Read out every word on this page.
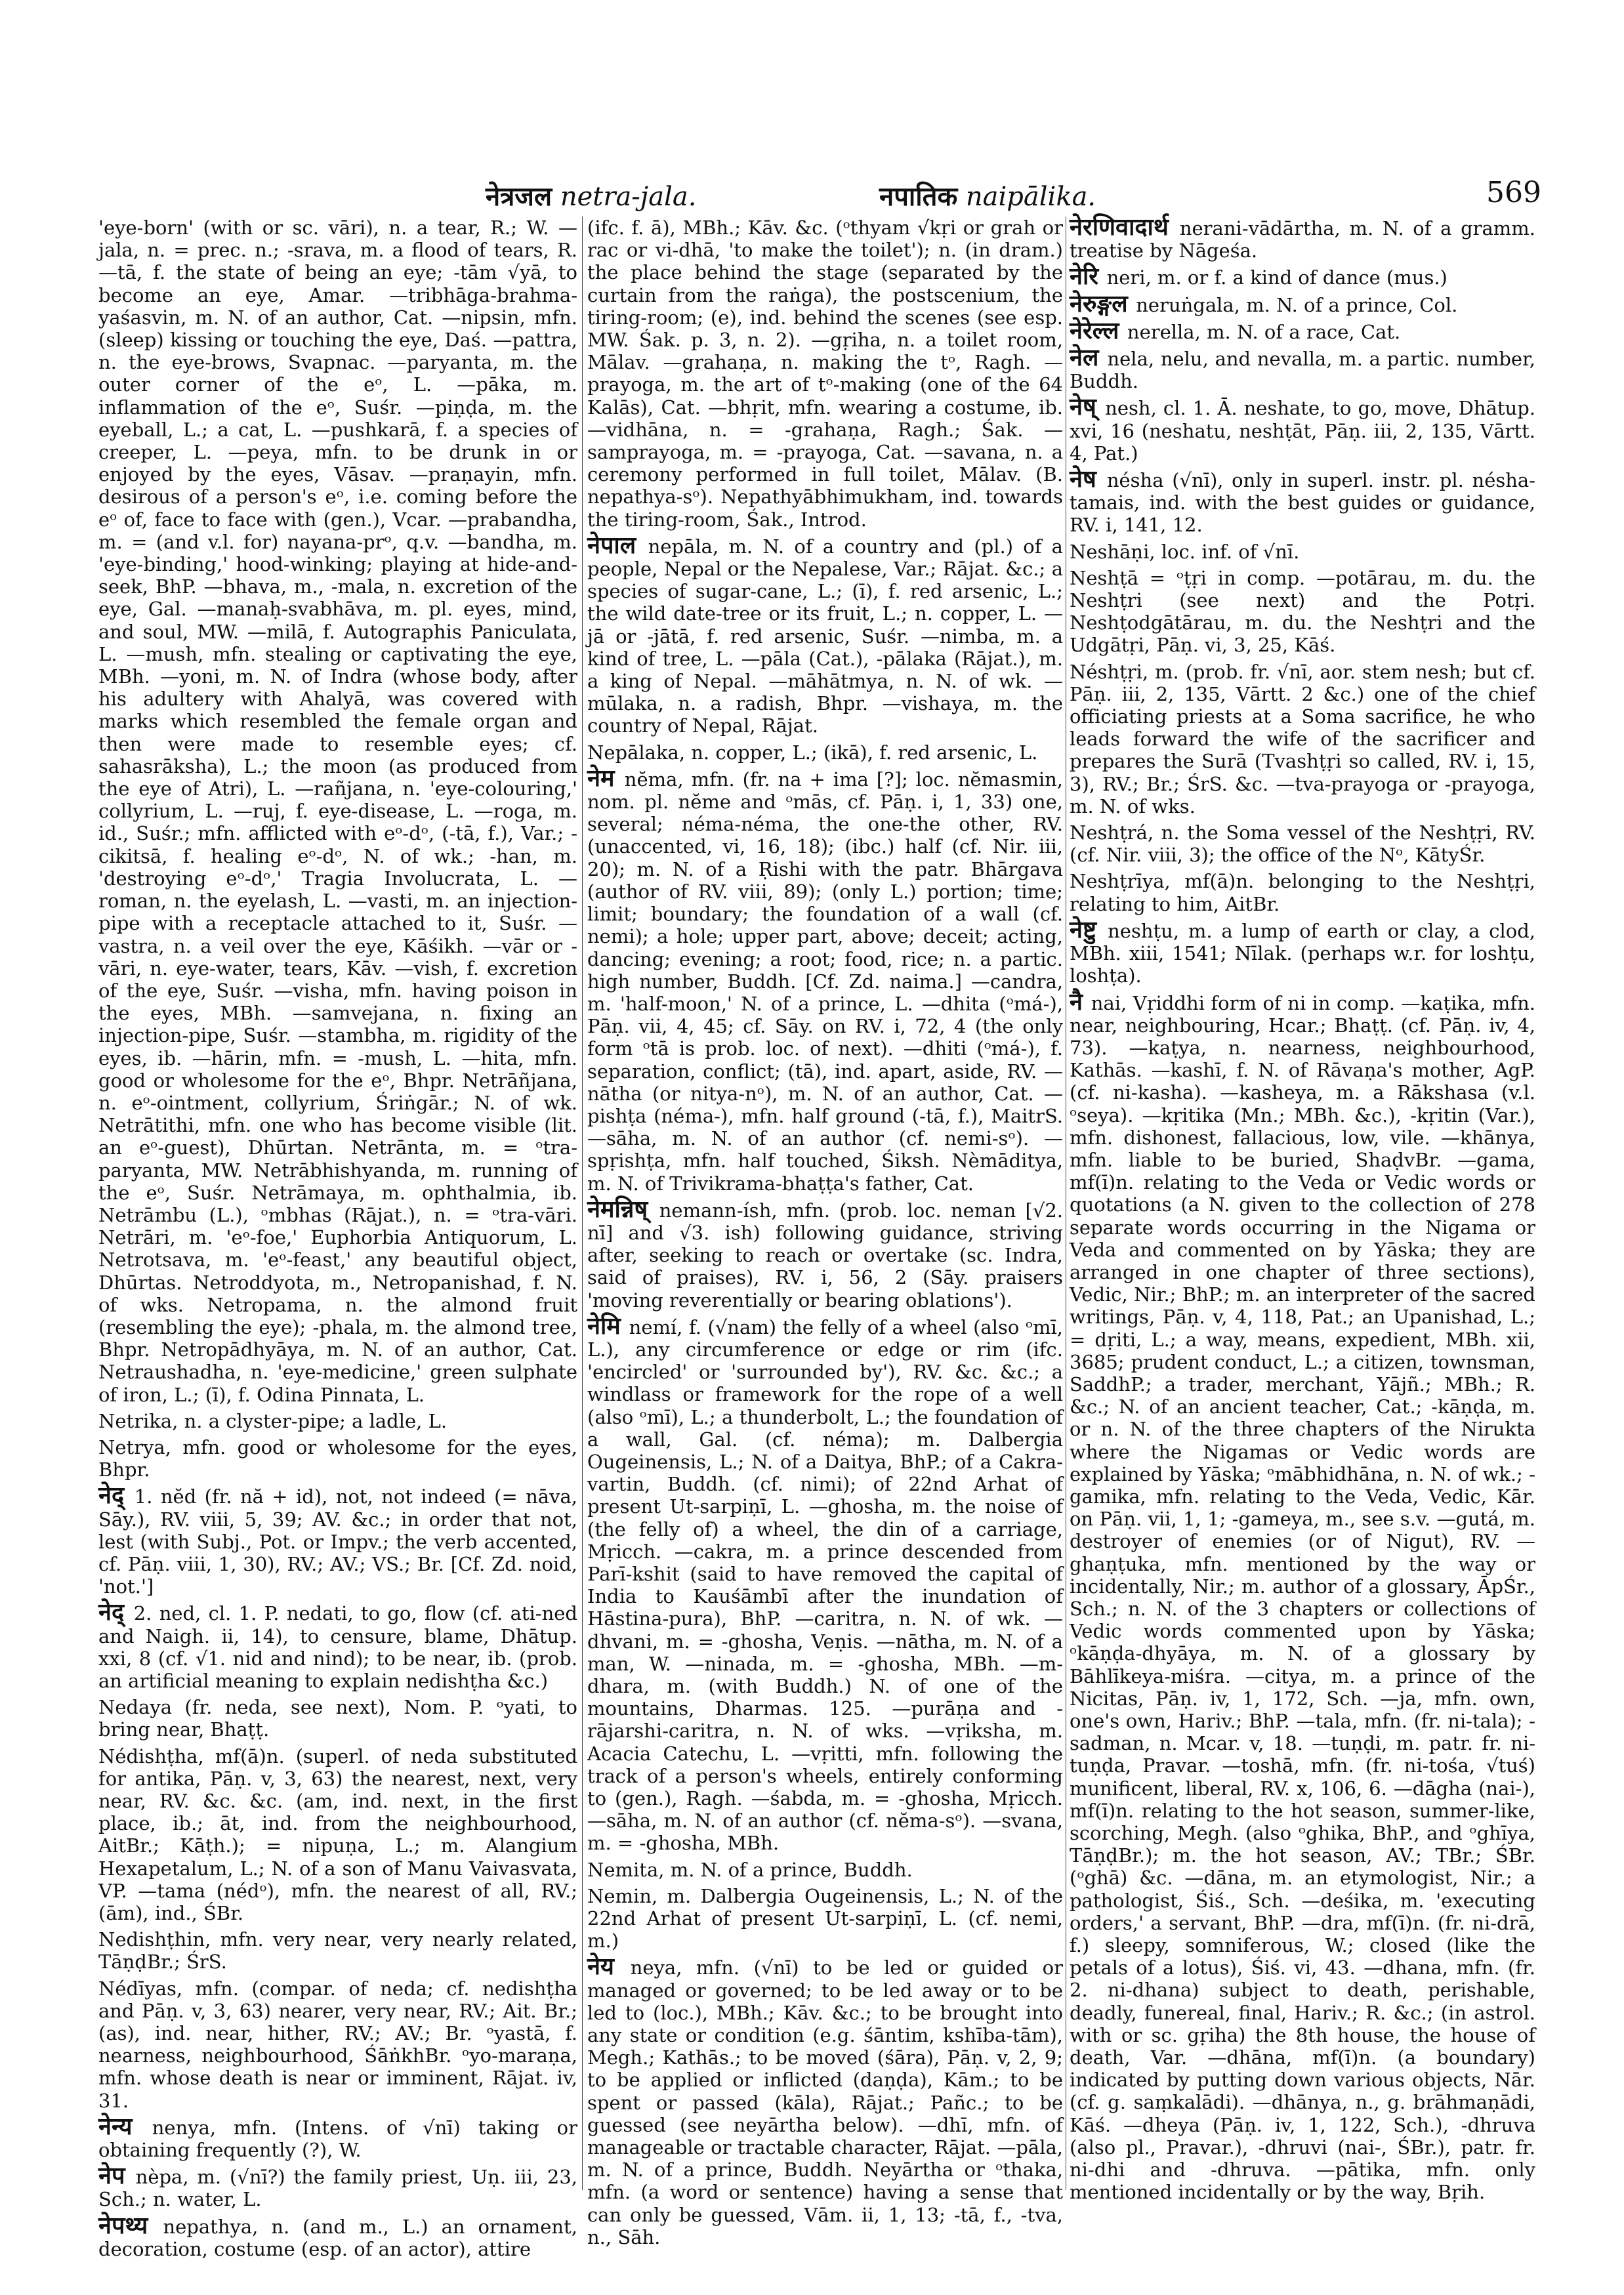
नेत्रजल netra-jala.	नपातिक naipālika.	569

'eye-born' (with or sc. vāri), n. a tear, R.; W. —jala, n. = prec. n.; -srava, m. a flood of tears, R. —tā, f. the state of being an eye; -tām √yā, to become an eye, Amar. —tribhāga-brahma-yaśasvin, m. N. of an author, Cat. —nipsin, mfn. (sleep) kissing or touching the eye, Daś. —pattra, n. the eye-brows, Svapnac. —paryanta, m. the outer corner of the eᵒ, L. —pāka, m. inflammation of the eᵒ, Suśr. —piṇḍa, m. the eyeball, L.; a cat, L. —pushkarā, f. a species of creeper, L. —peya, mfn. to be drunk in or enjoyed by the eyes, Vāsav. —praṇayin, mfn. desirous of a person's eᵒ, i.e. coming before the eᵒ of, face to face with (gen.), Vcar. —prabandha, m. = (and v.l. for) nayana-prᵒ, q.v. —bandha, m. 'eye-binding,' hood-winking; playing at hide-and-seek, BhP. —bhava, m., -mala, n. excretion of the eye, Gal. —manaḥ-svabhāva, m. pl. eyes, mind, and soul, MW. —milā, f. Autographis Paniculata, L. —mush, mfn. stealing or captivating the eye, MBh. —yoni, m. N. of Indra (whose body, after his adultery with Ahalyā, was covered with marks which resembled the female organ and then were made to resemble eyes; cf. sahasrāksha), L.; the moon (as produced from the eye of Atri), L. —rañjana, n. 'eye-colouring,' collyrium, L. —ruj, f. eye-disease, L. —roga, m. id., Suśr.; mfn. afflicted with eᵒ-dᵒ, (-tā, f.), Var.; -cikitsā, f. healing eᵒ-dᵒ, N. of wk.; -han, m. 'destroying eᵒ-dᵒ,' Tragia Involucrata, L. —roman, n. the eyelash, L. —vasti, m. an injection-pipe with a receptacle attached to it, Suśr. —vastra, n. a veil over the eye, Kāśikh. —vār or -vāri, n. eye-water, tears, Kāv. —vish, f. excretion of the eye, Suśr. —visha, mfn. having poison in the eyes, MBh. —samvejana, n. fixing an injection-pipe, Suśr. —stambha, m. rigidity of the eyes, ib. —hārin, mfn. = -mush, L. —hita, mfn. good or wholesome for the eᵒ, Bhpr. Netrāñjana, n. eᵒ-ointment, collyrium, Śriṅgār.; N. of wk. Netrātithi, mfn. one who has become visible (lit. an eᵒ-guest), Dhūrtan. Netrānta, m. = ᵒtra-paryanta, MW. Netrābhishyanda, m. running of the eᵒ, Suśr. Netrāmaya, m. ophthalmia, ib. Netrāmbu (L.), ᵒmbhas (Rājat.), n. = ᵒtra-vāri. Netrāri, m. 'eᵒ-foe,' Euphorbia Antiquorum, L. Netrotsava, m. 'eᵒ-feast,' any beautiful object, Dhūrtas. Netroddyota, m., Netropanishad, f. N. of wks. Netropama, n. the almond fruit (resembling the eye); -phala, m. the almond tree, Bhpr. Netropādhyāya, m. N. of an author, Cat. Netraushadha, n. 'eye-medicine,' green sulphate of iron, L.; (ī), f. Odina Pinnata, L.

Netrika, n. a clyster-pipe; a ladle, L.

Netrya, mfn. good or wholesome for the eyes, Bhpr.

नेद् 1. nĕd (fr. nă + id), not, not indeed (= nāva, Sāy.), RV. viii, 5, 39; AV. &c.; in order that not, lest (with Subj., Pot. or Impv.; the verb accented, cf. Pāṇ. viii, 1, 30), RV.; AV.; VS.; Br. [Cf. Zd. noid, 'not.']

नेद् 2. ned, cl. 1. P. nedati, to go, flow (cf. ati-ned and Naigh. ii, 14), to censure, blame, Dhātup. xxi, 8 (cf. √1. nid and nind); to be near, ib. (prob. an artificial meaning to explain nedishṭha &c.)

Nedaya (fr. neda, see next), Nom. P. ᵒyati, to bring near, Bhaṭṭ.

Nédishṭha, mf(ā)n. (superl. of neda substituted for antika, Pāṇ. v, 3, 63) the nearest, next, very near, RV. &c. &c. (am, ind. next, in the first place, ib.; āt, ind. from the neighbourhood, AitBr.; Kāṭh.); = nipuṇa, L.; m. Alangium Hexapetalum, L.; N. of a son of Manu Vaivasvata, VP. —tama (nédᵒ), mfn. the nearest of all, RV.; (ām), ind., ŚBr.

Nedishṭhin, mfn. very near, very nearly related, TāṇḍBr.; ŚrS.

Nédīyas, mfn. (compar. of neda; cf. nedishṭha and Pāṇ. v, 3, 63) nearer, very near, RV.; Ait. Br.; (as), ind. near, hither, RV.; AV.; Br. ᵒyastā, f. nearness, neighbourhood, ŚāṅkhBr. ᵒyo-maraṇa, mfn. whose death is near or imminent, Rājat. iv, 31.

नेन्य nenya, mfn. (Intens. of √nī) taking or obtaining frequently (?), W.

नेप nèpa, m. (√nī?) the family priest, Uṇ. iii, 23, Sch.; n. water, L.

नेपथ्य nepathya, n. (and m., L.) an ornament, decoration, costume (esp. of an actor), attire

(ifc. f. ā), MBh.; Kāv. &c. (ᵒthyam √kṛi or grah or rac or vi-dhā, 'to make the toilet'); n. (in dram.) the place behind the stage (separated by the curtain from the raṅga), the postscenium, the tiring-room; (e), ind. behind the scenes (see esp. MW. Śak. p. 3, n. 2). —gṛiha, n. a toilet room, Mālav. —grahaṇa, n. making the tᵒ, Ragh. —prayoga, m. the art of tᵒ-making (one of the 64 Kalās), Cat. —bhṛit, mfn. wearing a costume, ib. —vidhāna, n. = -grahaṇa, Ragh.; Śak. —samprayoga, m. = -prayoga, Cat. —savana, n. a ceremony performed in full toilet, Mālav. (B. nepathya-sᵒ). Nepathyābhimukham, ind. towards the tiring-room, Śak., Introd.

नेपाल nepāla, m. N. of a country and (pl.) of a people, Nepal or the Nepalese, Var.; Rājat. &c.; a species of sugar-cane, L.; (ī), f. red arsenic, L.; the wild date-tree or its fruit, L.; n. copper, L. —jā or -jātā, f. red arsenic, Suśr. —nimba, m. a kind of tree, L. —pāla (Cat.), -pālaka (Rājat.), m. a king of Nepal. —māhātmya, n. N. of wk. —mūlaka, n. a radish, Bhpr. —vishaya, m. the country of Nepal, Rājat.

Nepālaka, n. copper, L.; (ikā), f. red arsenic, L.

नेम nĕma, mfn. (fr. na + ima [?]; loc. nĕmasmin, nom. pl. nĕme and ᵒmās, cf. Pāṇ. i, 1, 33) one, several; néma-néma, the one-the other, RV. (unaccented, vi, 16, 18); (ibc.) half (cf. Nir. iii, 20); m. N. of a Ṛishi with the patr. Bhārgava (author of RV. viii, 89); (only L.) portion; time; limit; boundary; the foundation of a wall (cf. nemi); a hole; upper part, above; deceit; acting, dancing; evening; a root; food, rice; n. a partic. high number, Buddh. [Cf. Zd. naima.] —candra, m. 'half-moon,' N. of a prince, L. —dhita (ᵒmá-), Pāṇ. vii, 4, 45; cf. Sāy. on RV. i, 72, 4 (the only form ᵒtā is prob. loc. of next). —dhiti (ᵒmá-), f. separation, conflict; (tā), ind. apart, aside, RV. —nātha (or nitya-nᵒ), m. N. of an author, Cat. —pishṭa (néma-), mfn. half ground (-tā, f.), MaitrS. —sāha, m. N. of an author (cf. nemi-sᵒ). —spṛishṭa, mfn. half touched, Śiksh. Nèmāditya, m. N. of Trivikrama-bhaṭṭa's father, Cat.

नेमन्निष् nemann-ísh, mfn. (prob. loc. neman [√2. nī] and √3. ish) following guidance, striving after, seeking to reach or overtake (sc. Indra, said of praises), RV. i, 56, 2 (Sāy. praisers 'moving reverentially or bearing oblations').

नेमि nemí, f. (√nam) the felly of a wheel (also ᵒmī, L.), any circumference or edge or rim (ifc. 'encircled' or 'surrounded by'), RV. &c. &c.; a windlass or framework for the rope of a well (also ᵒmī), L.; a thunderbolt, L.; the foundation of a wall, Gal. (cf. néma); m. Dalbergia Ougeinensis, L.; N. of a Daitya, BhP.; of a Cakra-vartin, Buddh. (cf. nimi); of 22nd Arhat of present Ut-sarpiṇī, L. —ghosha, m. the noise of (the felly of) a wheel, the din of a carriage, Mṛicch. —cakra, m. a prince descended from Parī-kshit (said to have removed the capital of India to Kauśāmbī after the inundation of Hāstina-pura), BhP. —caritra, n. N. of wk. —dhvani, m. = -ghosha, Veṇis. —nātha, m. N. of a man, W. —ninada, m. = -ghosha, MBh. —m-dhara, m. (with Buddh.) N. of one of the mountains, Dharmas. 125. —purāṇa and -rājarshi-caritra, n. N. of wks. —vṛiksha, m. Acacia Catechu, L. —vṛitti, mfn. following the track of a person's wheels, entirely conforming to (gen.), Ragh. —śabda, m. = -ghosha, Mṛicch. —sāha, m. N. of an author (cf. nĕma-sᵒ). —svana, m. = -ghosha, MBh.

Nemita, m. N. of a prince, Buddh.

Nemin, m. Dalbergia Ougeinensis, L.; N. of the 22nd Arhat of present Ut-sarpiṇī, L. (cf. nemi, m.)

नेय neya, mfn. (√nī) to be led or guided or managed or governed; to be led away or to be led to (loc.), MBh.; Kāv. &c.; to be brought into any state or condition (e.g. śāntim, kshība-tām), Megh.; Kathās.; to be moved (śāra), Pāṇ. v, 2, 9; to be applied or inflicted (daṇḍa), Kām.; to be spent or passed (kāla), Rājat.; Pañc.; to be guessed (see neyārtha below). —dhī, mfn. of manageable or tractable character, Rājat. —pāla, m. N. of a prince, Buddh. Neyārtha or ᵒthaka, mfn. (a word or sentence) having a sense that can only be guessed, Vām. ii, 1, 13; -tā, f., -tva, n., Sāh.

नेरणिवादार्थ nerani-vādārtha, m. N. of a gramm. treatise by Nāgeśa.

नेरि neri, m. or f. a kind of dance (mus.)

नेरुङ्गल neruṅgala, m. N. of a prince, Col.

नेरेल्ल nerella, m. N. of a race, Cat.

नेल nela, nelu, and nevalla, m. a partic. number, Buddh.

नेष् nesh, cl. 1. Ā. neshate, to go, move, Dhātup. xvi, 16 (neshatu, neshṭāt, Pāṇ. iii, 2, 135, Vārtt. 4, Pat.)

नेष nésha (√nī), only in superl. instr. pl. nésha-tamais, ind. with the best guides or guidance, RV. i, 141, 12.

Neshāṇi, loc. inf. of √nī.

Neshṭā = ᵒṭṛi in comp. —potārau, m. du. the Neshṭri (see next) and the Potṛi. Neshṭodgātārau, m. du. the Neshṭri and the Udgātṛi, Pāṇ. vi, 3, 25, Kāś.

Néshṭṛi, m. (prob. fr. √nī, aor. stem nesh; but cf. Pāṇ. iii, 2, 135, Vārtt. 2 &c.) one of the chief officiating priests at a Soma sacrifice, he who leads forward the wife of the sacrificer and prepares the Surā (Tvashṭṛi so called, RV. i, 15, 3), RV.; Br.; ŚrS. &c. —tva-prayoga or -prayoga, m. N. of wks.

Neshṭrá, n. the Soma vessel of the Neshṭṛi, RV. (cf. Nir. viii, 3); the office of the Nᵒ, KātyŚr.

Neshṭrīya, mf(ā)n. belonging to the Neshṭṛi, relating to him, AitBr.

नेष्टु neshṭu, m. a lump of earth or clay, a clod, MBh. xiii, 1541; Nīlak. (perhaps w.r. for loshṭu, loshṭa).

नै nai, Vṛiddhi form of ni in comp. —kaṭika, mfn. near, neighbouring, Hcar.; Bhaṭṭ. (cf. Pāṇ. iv, 4, 73). —kaṭya, n. nearness, neighbourhood, Kathās. —kashī, f. N. of Rāvaṇa's mother, AgP. (cf. ni-kasha). —kasheya, m. a Rākshasa (v.l. ᵒseya). —kṛitika (Mn.; MBh. &c.), -kṛitin (Var.), mfn. dishonest, fallacious, low, vile. —khānya, mfn. liable to be buried, ShaḍvBr. —gama, mf(ī)n. relating to the Veda or Vedic words or quotations (a N. given to the collection of 278 separate words occurring in the Nigama or Veda and commented on by Yāska; they are arranged in one chapter of three sections), Vedic, Nir.; BhP.; m. an interpreter of the sacred writings, Pāṇ. v, 4, 118, Pat.; an Upanishad, L.; = dṛiti, L.; a way, means, expedient, MBh. xii, 3685; prudent conduct, L.; a citizen, townsman, SaddhP.; a trader, merchant, Yājñ.; MBh.; R. &c.; N. of an ancient teacher, Cat.; -kāṇḍa, m. or n. N. of the three chapters of the Nirukta where the Nigamas or Vedic words are explained by Yāska; ᵒmābhidhāna, n. N. of wk.; -gamika, mfn. relating to the Veda, Vedic, Kār. on Pāṇ. vii, 1, 1; -gameya, m., see s.v. —gutá, m. destroyer of enemies (or of Nigut), RV. —ghaṇṭuka, mfn. mentioned by the way or incidentally, Nir.; m. author of a glossary, ĀpŚr., Sch.; n. N. of the 3 chapters or collections of Vedic words commented upon by Yāska; ᵒkāṇḍa-dhyāya, m. N. of a glossary by Bāhlīkeya-miśra. —citya, m. a prince of the Nicitas, Pāṇ. iv, 1, 172, Sch. —ja, mfn. own, one's own, Hariv.; BhP. —tala, mfn. (fr. ni-tala); -sadman, n. Mcar. v, 18. —tuṇḍi, m. patr. fr. ni-tuṇḍa, Pravar. —toshā, mfn. (fr. ni-tośa, √tuś) munificent, liberal, RV. x, 106, 6. —dāgha (nai-), mf(ī)n. relating to the hot season, summer-like, scorching, Megh. (also ᵒghika, BhP., and ᵒghīya, TāṇḍBr.); m. the hot season, AV.; TBr.; ŚBr. (ᵒghā) &c. —dāna, m. an etymologist, Nir.; a pathologist, Śiś., Sch. —deśika, m. 'executing orders,' a servant, BhP. —dra, mf(ī)n. (fr. ni-drā, f.) sleepy, somniferous, W.; closed (like the petals of a lotus), Śiś. vi, 43. —dhana, mfn. (fr. 2. ni-dhana) subject to death, perishable, deadly, funereal, final, Hariv.; R. &c.; (in astrol. with or sc. gṛiha) the 8th house, the house of death, Var. —dhāna, mf(ī)n. (a boundary) indicated by putting down various objects, Nār. (cf. g. saṃkalādi). —dhānya, n., g. brāhmaṇādi, Kāś. —dheya (Pāṇ. iv, 1, 122, Sch.), -dhruva (also pl., Pravar.), -dhruvi (nai-, ŚBr.), patr. fr. ni-dhi and -dhruva. —pātika, mfn. only mentioned incidentally or by the way, Bṛih.
